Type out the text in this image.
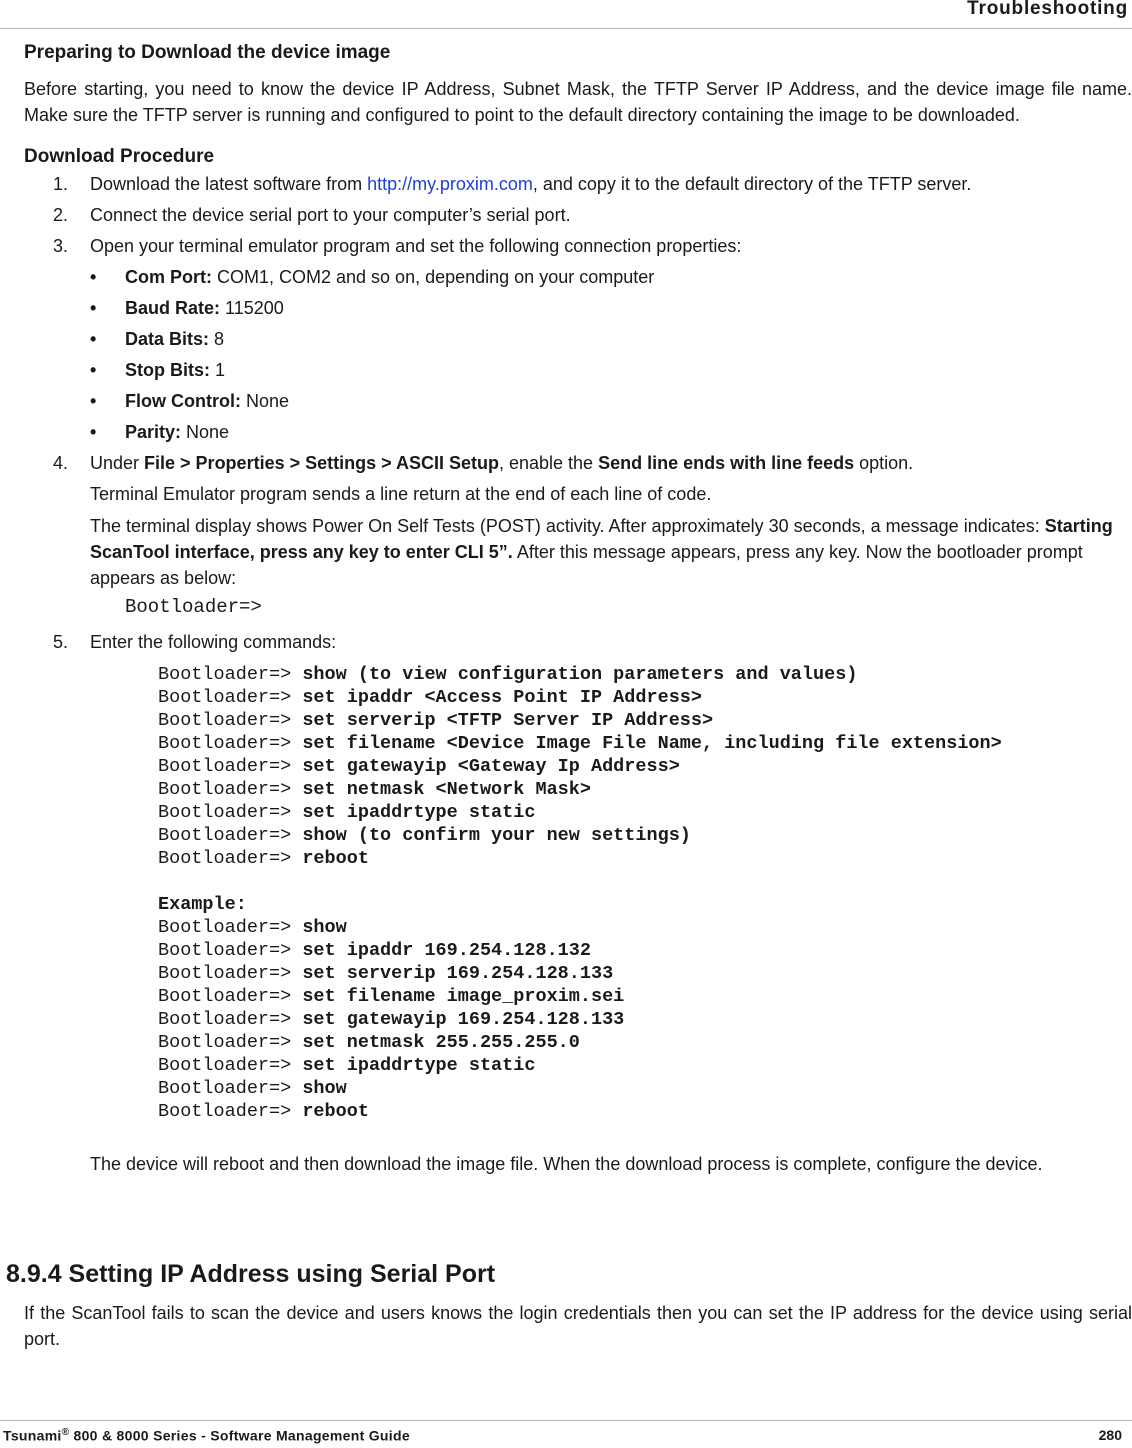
Troubleshooting
Preparing to Download the device image

Before starting, you need to know the device IP Address, Subnet Mask, the TFTP Server IP Address, and the device image file name. Make sure the TFTP server is running and configured to point to the default directory containing the image to be downloaded.

Download Procedure
1. Download the latest software from http://my.proxim.com, and copy it to the default directory of the TFTP server.
2. Connect the device serial port to your computer’s serial port.
3. Open your terminal emulator program and set the following connection properties:
• Com Port: COM1, COM2 and so on, depending on your computer
• Baud Rate: 115200
• Data Bits: 8
• Stop Bits: 1
• Flow Control: None
• Parity: None
4. Under File > Properties > Settings > ASCII Setup, enable the Send line ends with line feeds option.

Terminal Emulator program sends a line return at the end of each line of code.

The terminal display shows Power On Self Tests (POST) activity. After approximately 30 seconds, a message indicates: Starting ScanTool interface, press any key to enter CLI 5”. After this message appears, press any key. Now the bootloader prompt appears as below:

Bootloader=>
5. Enter the following commands:
Bootloader=> show (to view configuration parameters and values)
Bootloader=> set ipaddr <Access Point IP Address>
Bootloader=> set serverip <TFTP Server IP Address>
Bootloader=> set filename <Device Image File Name, including file extension>
Bootloader=> set gatewayip <Gateway Ip Address>
Bootloader=> set netmask <Network Mask>
Bootloader=> set ipaddrtype static
Bootloader=> show (to confirm your new settings)
Bootloader=> reboot
Example:
Bootloader=> show
Bootloader=> set ipaddr 169.254.128.132
Bootloader=> set serverip 169.254.128.133
Bootloader=> set filename image_proxim.sei
Bootloader=> set gatewayip 169.254.128.133
Bootloader=> set netmask 255.255.255.0
Bootloader=> set ipaddrtype static
Bootloader=> show
Bootloader=> reboot

The device will reboot and then download the image file. When the download process is complete, configure the device.

8.9.4 Setting IP Address using Serial Port

If the ScanTool fails to scan the device and users knows the login credentials then you can set the IP address for the device using serial port.

Tsunami® 800 & 8000 Series - Software Management Guide	280
